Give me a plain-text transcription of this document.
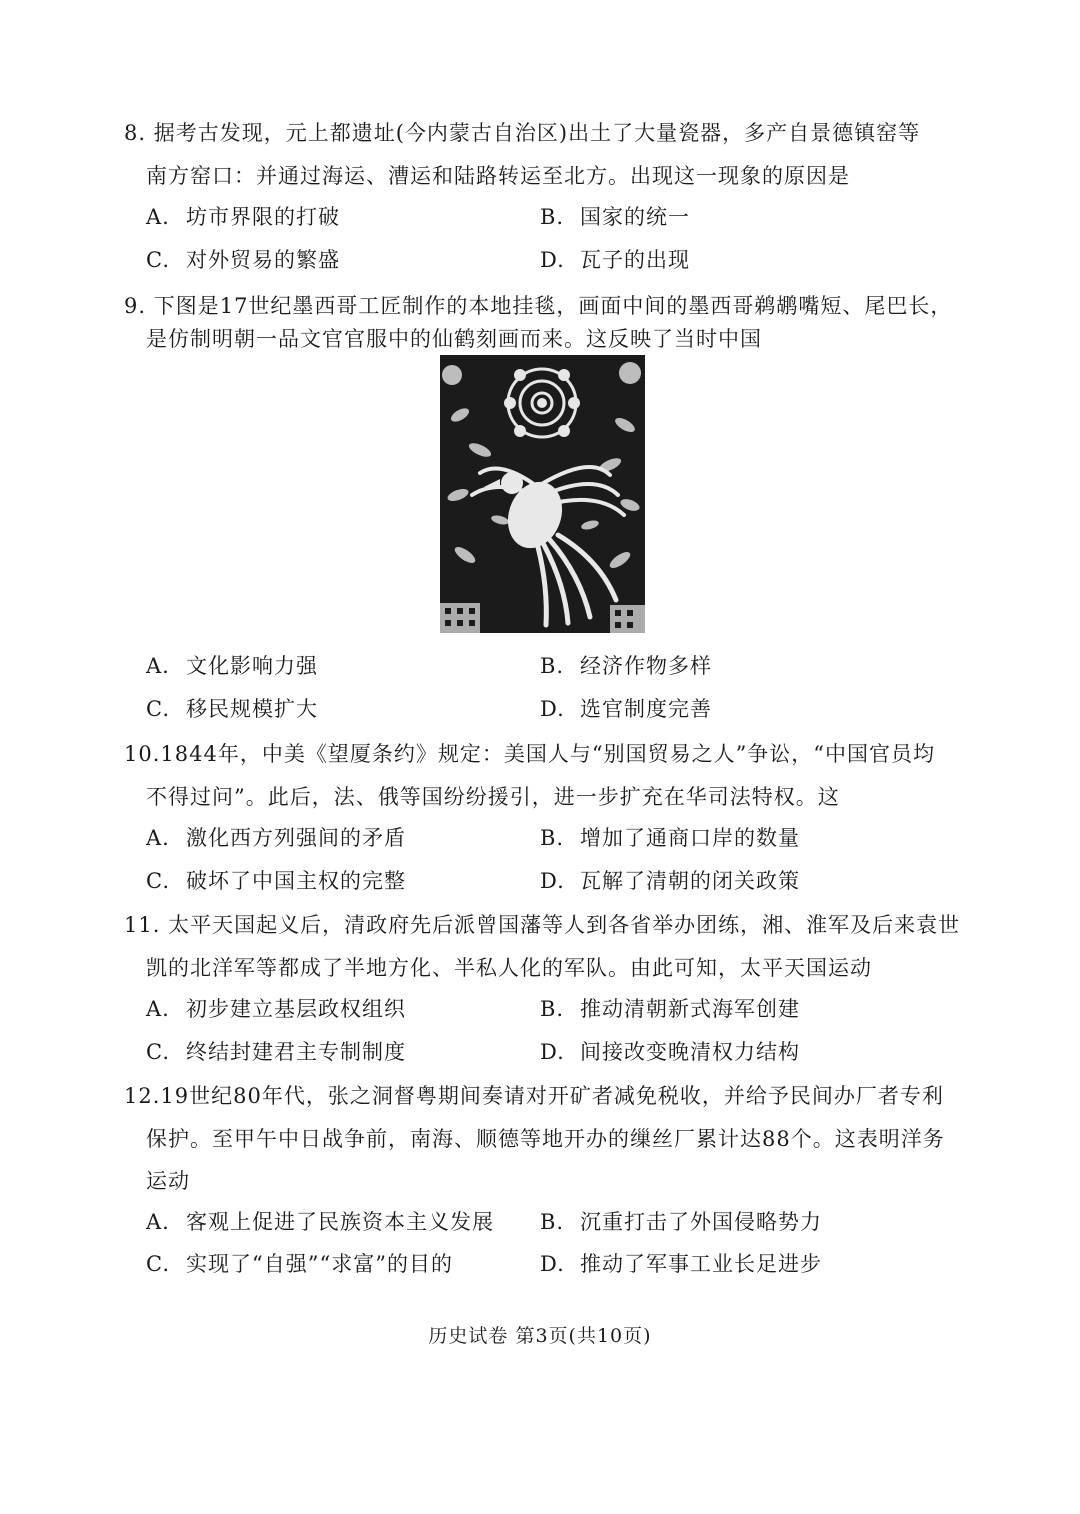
8. 据考古发现，元上都遗址(今内蒙古自治区)出土了大量瓷器，多产自景德镇窑等
南方窑口：并通过海运、漕运和陆路转运至北方。出现这一现象的原因是
A. 坊市界限的打破	B. 国家的统一
C. 对外贸易的繁盛	D. 瓦子的出现
9. 下图是17世纪墨西哥工匠制作的本地挂毯，画面中间的墨西哥鹈鹕嘴短、尾巴长，
是仿制明朝一品文官官服中的仙鹤刻画而来。这反映了当时中国
A. 文化影响力强	B. 经济作物多样
C. 移民规模扩大	D. 选官制度完善
10.1844年，中美《望厦条约》规定：美国人与“别国贸易之人”争讼，“中国官员均
不得过问”。此后，法、俄等国纷纷援引，进一步扩充在华司法特权。这
A. 激化西方列强间的矛盾	B. 增加了通商口岸的数量
C. 破坏了中国主权的完整	D. 瓦解了清朝的闭关政策
11. 太平天国起义后，清政府先后派曾国藩等人到各省举办团练，湘、淮军及后来袁世
凯的北洋军等都成了半地方化、半私人化的军队。由此可知，太平天国运动
A. 初步建立基层政权组织	B. 推动清朝新式海军创建
C. 终结封建君主专制制度	D. 间接改变晚清权力结构
12.19世纪80年代，张之洞督粤期间奏请对开矿者减免税收，并给予民间办厂者专利
保护。至甲午中日战争前，南海、顺德等地开办的缫丝厂累计达88个。这表明洋务
运动
A. 客观上促进了民族资本主义发展 B. 沉重打击了外国侵略势力
C. 实现了“自强”“求富”的目的	D. 推动了军事工业长足进步
历史试卷 第3页(共10页)
